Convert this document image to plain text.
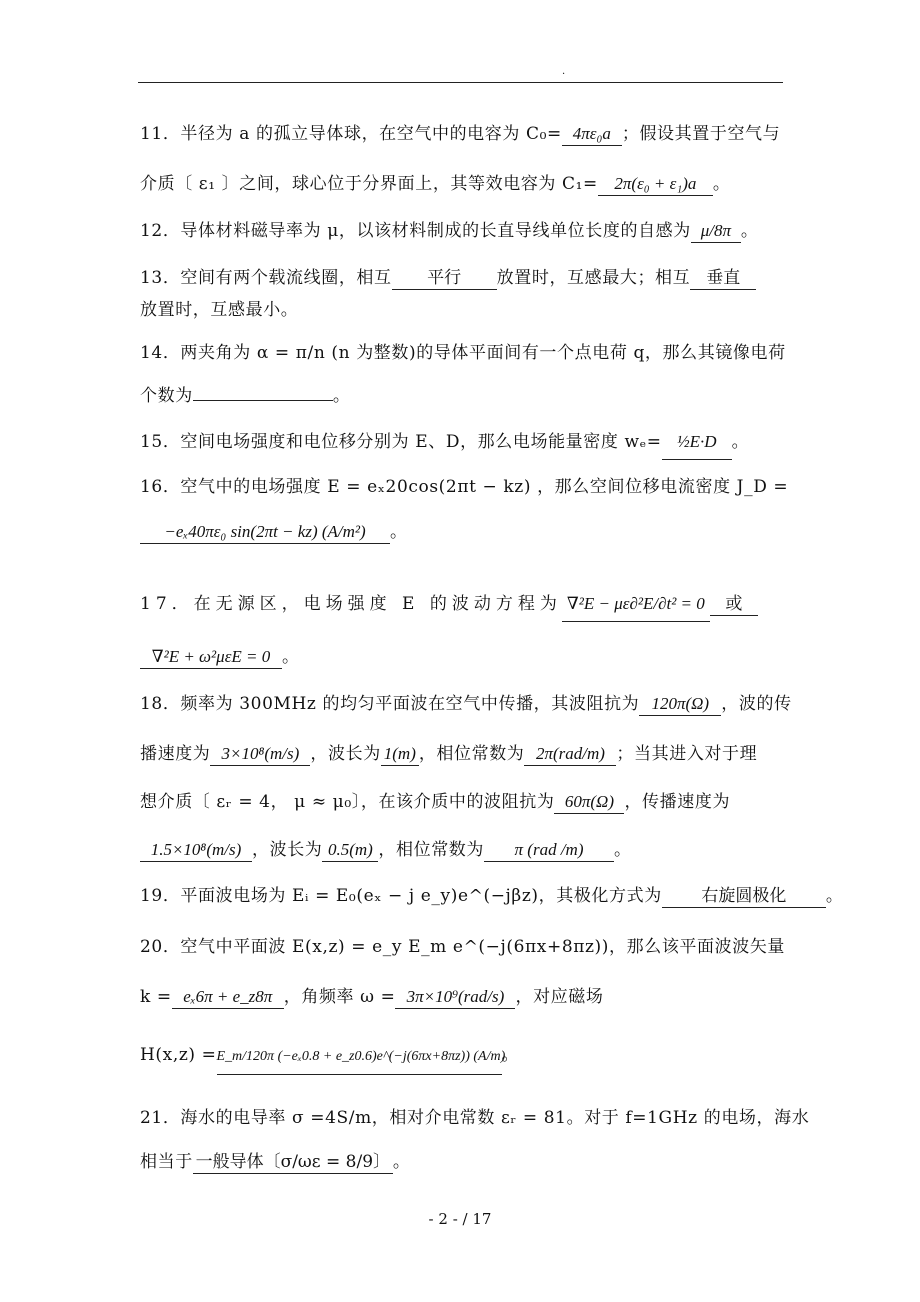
.
11．半径为 a 的孤立导体球，在空气中的电容为 C₀= 4πε₀a ；假设其置于空气与
介质〔 ε₁ 〕之间，球心位于分界面上，其等效电容为 C₁= 2π(ε₀ + ε₁)a 。
12．导体材料磁导率为 μ，以该材料制成的长直导线单位长度的自感为 μ/8π 。
13．空间有两个载流线圈，相互 平行 放置时，互感最大；相互 垂直
放置时，互感最小。
14．两夹角为 α = π/n (n 为整数)的导体平面间有一个点电荷 q，那么其镜像电荷
个数为	。
15．空间电场强度和电位移分别为 E、D，那么电场能量密度 wₑ= ½E·D 。
16．空气中的电场强度 E = eₓ20cos(2πt − kz) ，那么空间位移电流密度 J_D =
−eₓ40πε₀ sin(2πt − kz) (A/m²) 。
17．在无源区，电场强度 E 的波动方程为 ∇²E − με∂²E/∂t² = 0 或
∇²E + ω²μεE = 0 。
18．频率为 300MHz 的均匀平面波在空气中传播，其波阻抗为 120π(Ω) ，波的传
播速度为 3×10⁸(m/s) ，波长为 1(m) ，相位常数为 2π(rad/m) ；当其进入对于理
想介质〔 εᵣ = 4， μ ≈ μ₀〕，在该介质中的波阻抗为 60π(Ω) ，传播速度为
1.5×10⁸(m/s) ，波长为 0.5(m) ，相位常数为 π (rad /m) 。
19．平面波电场为 Eᵢ = E₀(eₓ − j e_y)e^(−jβz)，其极化方式为 右旋圆极化 。
20．空气中平面波 E(x,z) = e_y E_m e^(−j(6πx+8πz))，那么该平面波波矢量
k = eₓ6π + e_z8π ，角频率 ω = 3π×10⁹(rad/s) ，对应磁场
H(x,z) =E_m/120π (−eₓ0.8 + e_z0.6)e^(−j(6πx+8πz)) (A/m)。
21．海水的电导率 σ =4S/m，相对介电常数 εᵣ = 81。对于 f=1GHz 的电场，海水
相当于 一般导体〔σ/ωε = 8/9〕 。
- 2 - / 17
